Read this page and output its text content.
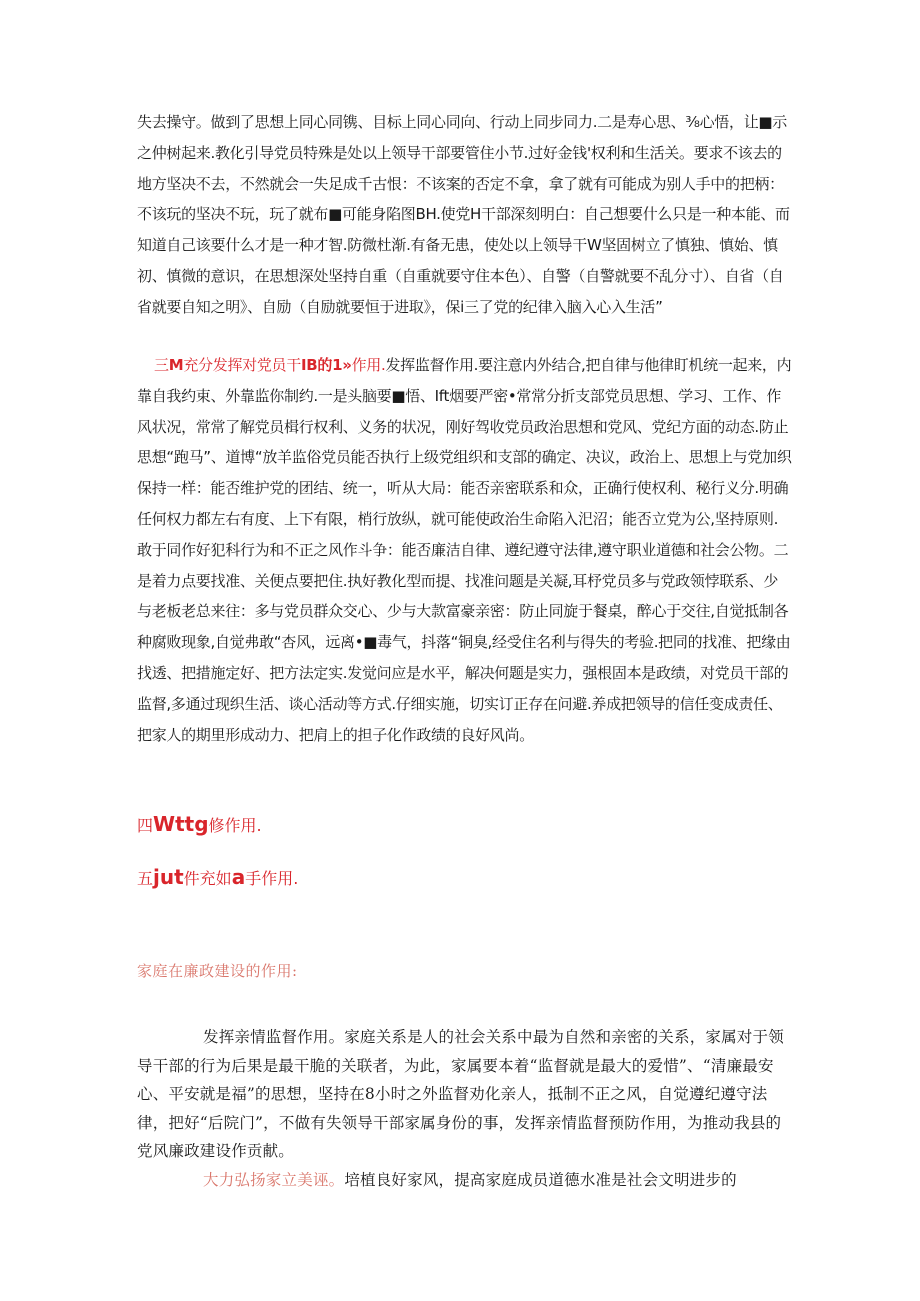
失去操守。做到了思想上同心同镌、目标上同心同向、行动上同步同力.二是寿心思、⅜心悟，让■示之仲树起来.教化引导党员特殊是处以上领导干部要管住小节.过好金钱'权利和生活关。要求不该去的地方坚决不去，不然就会一失足成千古恨：不该案的否定不拿，拿了就有可能成为别人手中的把柄：不该玩的坚决不玩，玩了就布■可能身陷图BH.使党H干部深刻明白：自己想要什么只是一种本能、而知道自己该要什么才是一种才智.防微杜渐.有备无患，使处以上领导干W坚固树立了慎独、慎始、慎初、慎微的意识，在思想深处坚持自重（自重就要守住本色）、自警（自警就要不乱分寸）、自省（自省就要自知之明》、自励（自励就要恒于进取》，保i三了党的纪律入脑入心入生活”

三M充分发挥对党员干IB的1»作用.发挥监督作用.要注意内外结合,把自律与他律盯机统一起来，内靠自我约束、外靠监你制约.一是头脑要■悟、Ift烟要严密•常常分折支部党员思想、学习、工作、作风状况，常常了解党员楫行权利、义务的状况，刚好驾收党员政治思想和党风、党纪方面的动态.防止思想“跑马”、道博“放羊监俗党员能否执行上级党组织和支部的确定、决议，政治上、思想上与党加织保持一样：能否维护党的团结、统一，听从大局：能否亲密联系和众，正确行使权利、秘行义分.明确任何权力都左右有度、上下有限，梢行放纵，就可能使政治生命陷入汜沼；能否立党为公,坚持原则.敢于同作好犯科行为和不正之风作斗争：能否廉洁自律、遵纪遵守法律,遵守职业道德和社会公物。二是着力点要找准、关便点要把住.执好教化型而提、找准问题是关凝,耳杼党员多与党政领悖联系、少与老板老总来往：多与党员群众交心、少与大款富豪亲密：防止同旋于餐桌，醉心于交往,自觉抵制各种腐败现象,自觉弗敢“杏风，远离•■毒气，抖落“铜臭,经受住名利与得失的考验.把同的找准、把缘由找透、把措施定好、把方法定实.发觉问应是水平，解决何题是实力，强根固本是政绩，对党员干部的监督,多通过现织生活、谈心活动等方式.仔细实施，切实订正存在问避.养成把领导的信任变成责任、把家人的期里形成动力、把肩上的担子化作政绩的良好风尚。

四Wttg修作用.
五jut件充如a手作用.
家庭在廉政建设的作用:

发挥亲情监督作用。家庭关系是人的社会关系中最为自然和亲密的关系，家属对于领导干部的行为后果是最干脆的关联者，为此，家属要本着“监督就是最大的爱惜”、“清廉最安心、平安就是福”的思想，坚持在8小时之外监督劝化亲人，抵制不正之风，自觉遵纪遵守法律，把好“后院门”，不做有失领导干部家属身份的事，发挥亲情监督预防作用，为推动我县的党风廉政建设作贡献。

大力弘扬家立美诬。培植良好家风，提高家庭成员道德水准是社会文明进步的
